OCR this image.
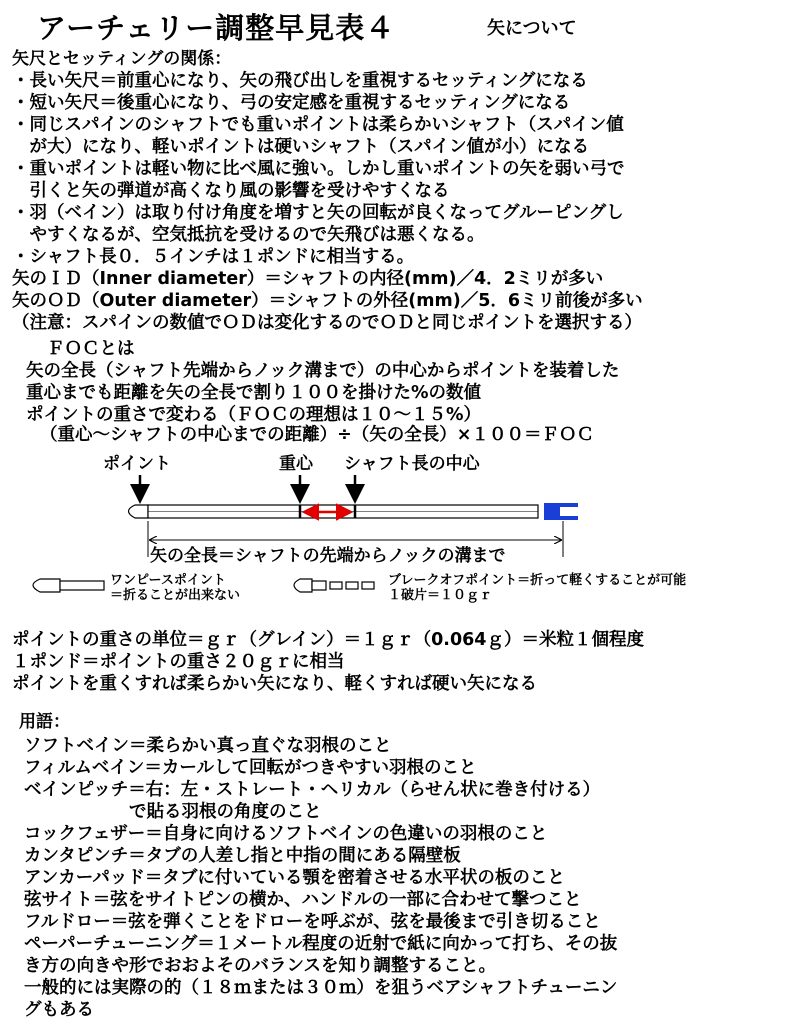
アーチェリー調整早見表４	矢について
矢尺とセッティングの関係：
・長い矢尺＝前重心になり、矢の飛び出しを重視するセッティングになる
・短い矢尺＝後重心になり、弓の安定感を重視するセッティングになる
・同じスパインのシャフトでも重いポイントは柔らかいシャフト（スパイン値
　が大）になり、軽いポイントは硬いシャフト（スパイン値が小）になる
・重いポイントは軽い物に比べ風に強い。しかし重いポイントの矢を弱い弓で
　引くと矢の弾道が高くなり風の影響を受けやすくなる
・羽（ベイン）は取り付け角度を増すと矢の回転が良くなってグルーピングし
　やすくなるが、空気抵抗を受けるので矢飛びは悪くなる。
・シャフト長０．５インチは１ポンドに相当する。
矢のＩＤ（Inner diameter）＝シャフトの内径(mm)／4．2ミリが多い
矢のＯＤ（Outer diameter）＝シャフトの外径(mm)／5．6ミリ前後が多い
（注意：スパインの数値でＯＤは変化するのでＯＤと同じポイントを選択する）
ＦＯＣとは
矢の全長（シャフト先端からノック溝まで）の中心からポイントを装着した
重心までも距離を矢の全長で割り１００を掛けた%の数値
ポイントの重さで変わる（ＦＯＣの理想は１０～１５%）
（重心～シャフトの中心までの距離）÷（矢の全長）×１００＝ＦＯＣ
ポイント	重心 シャフト長の中心
矢の全長＝シャフトの先端からノックの溝まで
ワンピースポイント
＝折ることが出来ない
ブレークオフポイント＝折って軽くすることが可能
１破片＝１０ｇｒ
ポイントの重さの単位＝ｇｒ（グレイン）＝１ｇｒ（0.064ｇ）＝米粒１個程度
１ポンド＝ポイントの重さ２０ｇｒに相当
ポイントを重くすれば柔らかい矢になり、軽くすれば硬い矢になる
用語：
ソフトベイン＝柔らかい真っ直ぐな羽根のこと
フィルムベイン＝カールして回転がつきやすい羽根のこと
ベインピッチ＝右：左・ストレート・ヘリカル（らせん状に巻き付ける）
　　　　　　で貼る羽根の角度のこと
コックフェザー＝自身に向けるソフトベインの色違いの羽根のこと
カンタピンチ＝タブの人差し指と中指の間にある隔壁板
アンカーパッド＝タブに付いている顎を密着させる水平状の板のこと
弦サイト＝弦をサイトピンの横か、ハンドルの一部に合わせて撃つこと
フルドロー＝弦を弾くことをドローを呼ぶが、弦を最後まで引き切ること
ペーパーチューニング＝１メートル程度の近射で紙に向かって打ち、その抜
き方の向きや形でおおよそのバランスを知り調整すること。
一般的には実際の的（１８ｍまたは３０ｍ）を狙うベアシャフトチューニン
グもある
